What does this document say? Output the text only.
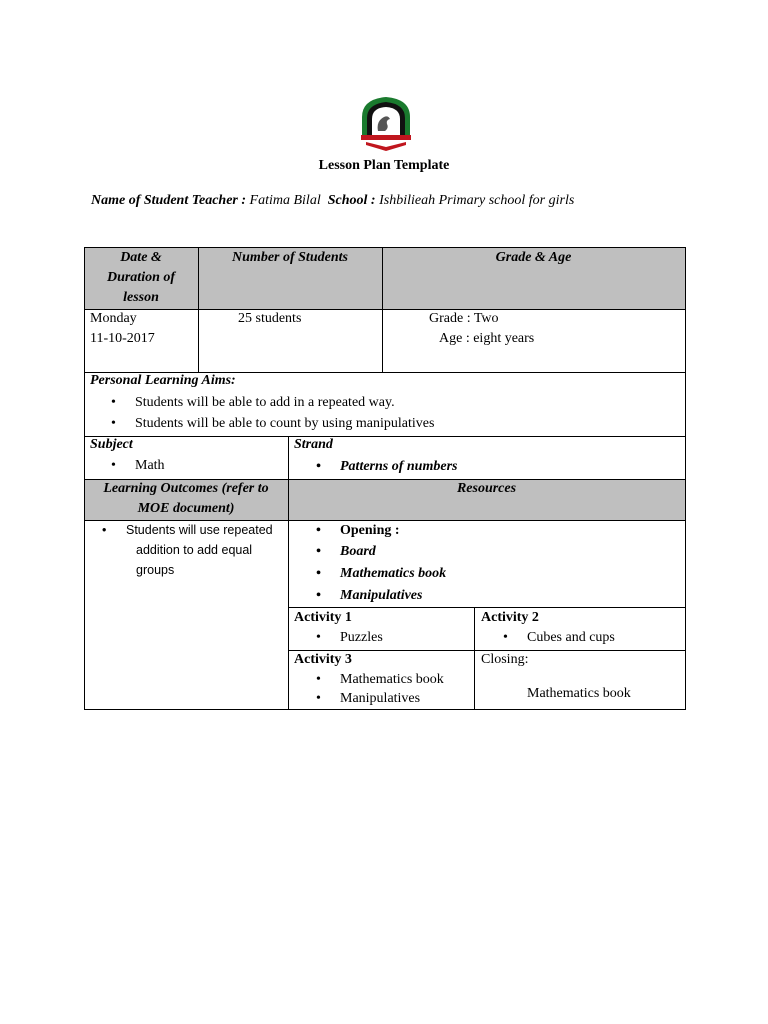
Lesson Plan Template
Name of Student Teacher : Fatima Bilal School : Ishbilieah Primary school for girls
Date &
Duration of
lesson
Number of Students	Grade & Age
Monday
11-10-2017
25 students	Grade : Two
Age : eight years
Personal Learning Aims:
• Students will be able to add in a repeated way.
• Students will be able to count by using manipulatives
Subject
• Math
Strand
• Patterns of numbers
Learning Outcomes (refer to
MOE document)
Resources
• Students will use repeated
addition to add equal
groups
• Opening :
• Board
• Mathematics book
• Manipulatives
Activity 1
• Puzzles
Activity 2
• Cubes and cups
Activity 3
• Mathematics book
• Manipulatives
Closing:
Mathematics book
